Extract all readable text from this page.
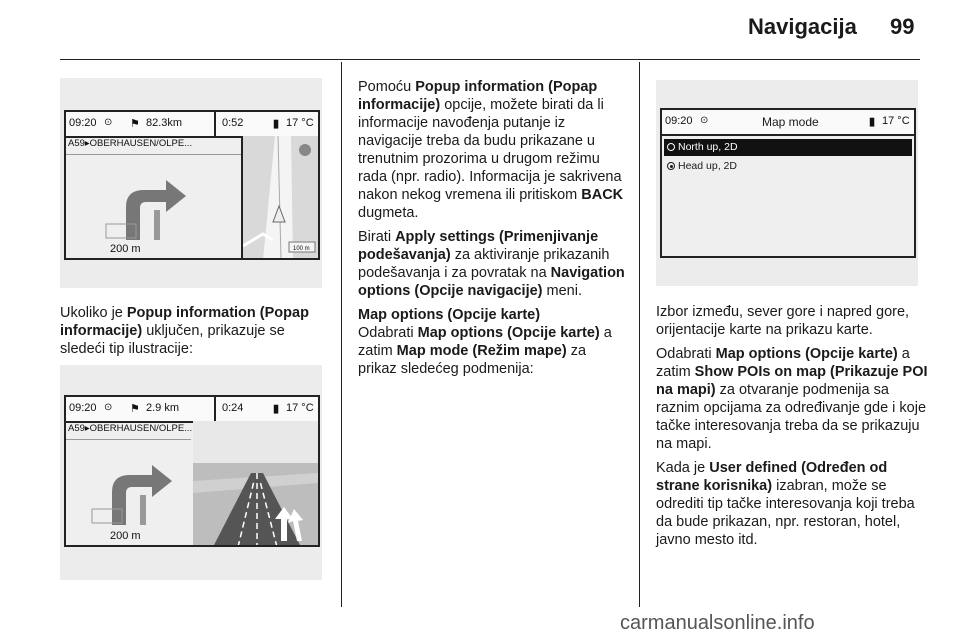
Navigacija 99
09:20 ⊙ ⚑ 82.3km	0:52	▮ 17 °C
A59▸OBERHAUSEN/OLPE...
200 m	100 m
09:20 ⊙ ⚑ 2.9 km	0:24	▮ 17 °C
A59▸OBERHAUSEN/OLPE...
200 m
09:20 ⊙	▮ 17 °C
Map mode
North up, 2D
Head up, 2D

Ukoliko je Popup information (Popap informacije) uključen, prikazuje se sledeći tip ilustracije:

Pomoću Popup information (Popap informacije) opcije, možete birati da li informacije navođenja putanje iz navigacije treba da budu prikazane u trenutnim prozorima u drugom režimu rada (npr. radio). Informacija je sakrivena nakon nekog vremena ili pritiskom BACK dugmeta.

Birati Apply settings (Primenjivanje podešavanja) za aktiviranje prikazanih podešavanja i za povratak na Navigation options (Opcije navigacije) meni.

Map options (Opcije karte)

Odabrati Map options (Opcije karte) a zatim Map mode (Režim mape) za prikaz sledećeg podmenija:

Izbor između, sever gore i napred gore, orijentacije karte na prikazu karte.

Odabrati Map options (Opcije karte) a zatim Show POIs on map (Prikazuje POI na mapi) za otvaranje podmenija sa raznim opcijama za određivanje gde i koje tačke interesovanja treba da se prikazuju na mapi.

Kada je User defined (Određen od strane korisnika) izabran, može se odrediti tip tačke interesovanja koji treba da bude prikazan, npr. restoran, hotel, javno mesto itd.

carmanualsonline.info
